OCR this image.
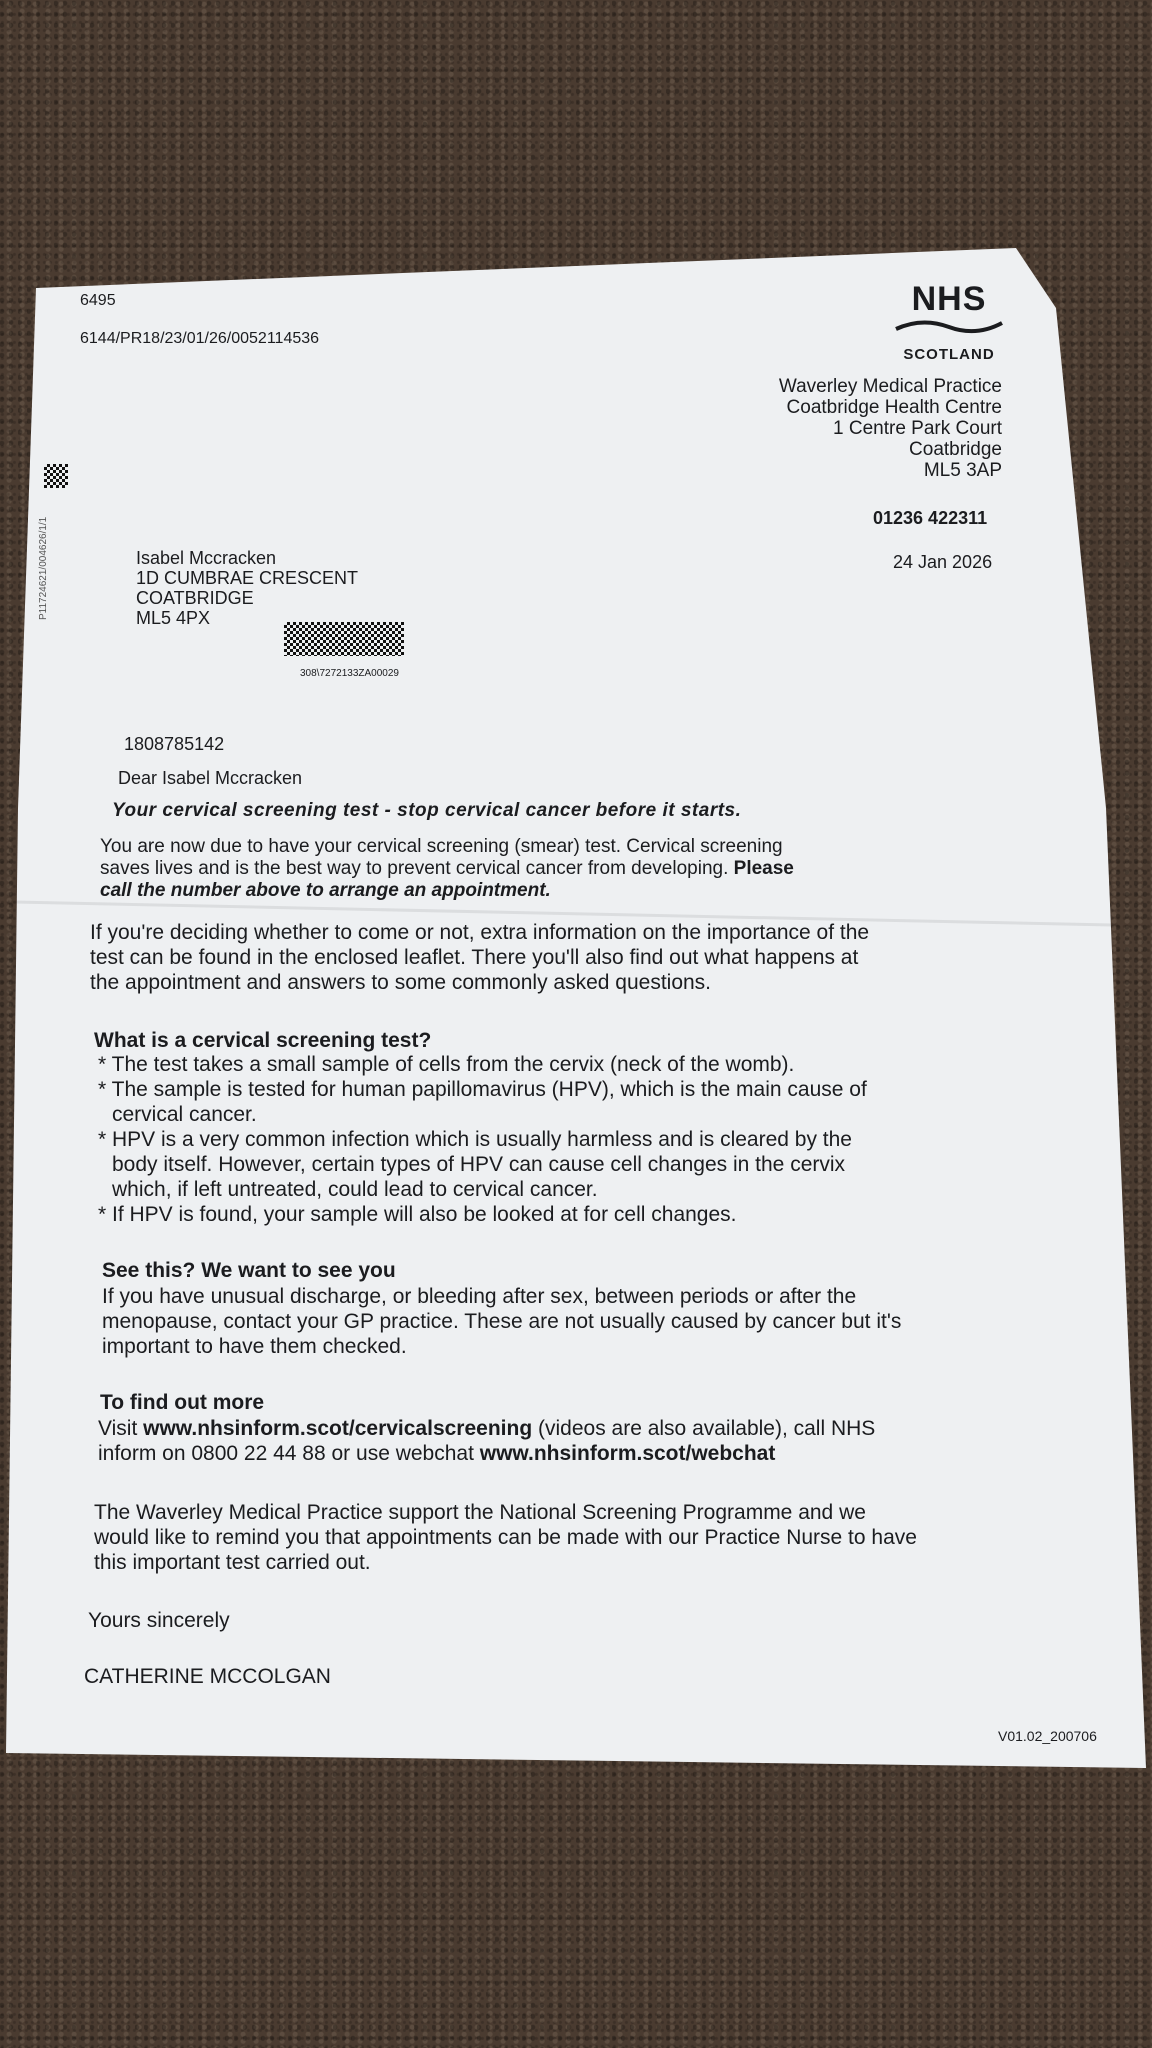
6495
6144/PR18/23/01/26/0052114536
P11724621/004626/1/1
NHS
SCOTLAND
Waverley Medical Practice
Coatbridge Health Centre
1 Centre Park Court
Coatbridge
ML5 3AP
01236 422311
24 Jan 2026
Isabel Mccracken
1D CUMBRAE CRESCENT
COATBRIDGE
ML5 4PX
308\7272133ZA00029
1808785142
Dear Isabel Mccracken
Your cervical screening test - stop cervical cancer before it starts.
You are now due to have your cervical screening (smear) test. Cervical screening
saves lives and is the best way to prevent cervical cancer from developing. Please
call the number above to arrange an appointment.
If you're deciding whether to come or not, extra information on the importance of the
test can be found in the enclosed leaflet. There you'll also find out what happens at
the appointment and answers to some commonly asked questions.
What is a cervical screening test?
* The test takes a small sample of cells from the cervix (neck of the womb).
* The sample is tested for human papillomavirus (HPV), which is the main cause of
cervical cancer.
* HPV is a very common infection which is usually harmless and is cleared by the
body itself. However, certain types of HPV can cause cell changes in the cervix
which, if left untreated, could lead to cervical cancer.
* If HPV is found, your sample will also be looked at for cell changes.
See this? We want to see you
If you have unusual discharge, or bleeding after sex, between periods or after the
menopause, contact your GP practice. These are not usually caused by cancer but it's
important to have them checked.
To find out more
Visit www.nhsinform.scot/cervicalscreening (videos are also available), call NHS
inform on 0800 22 44 88 or use webchat www.nhsinform.scot/webchat
The Waverley Medical Practice support the National Screening Programme and we
would like to remind you that appointments can be made with our Practice Nurse to have
this important test carried out.
Yours sincerely
CATHERINE MCCOLGAN
V01.02_200706
